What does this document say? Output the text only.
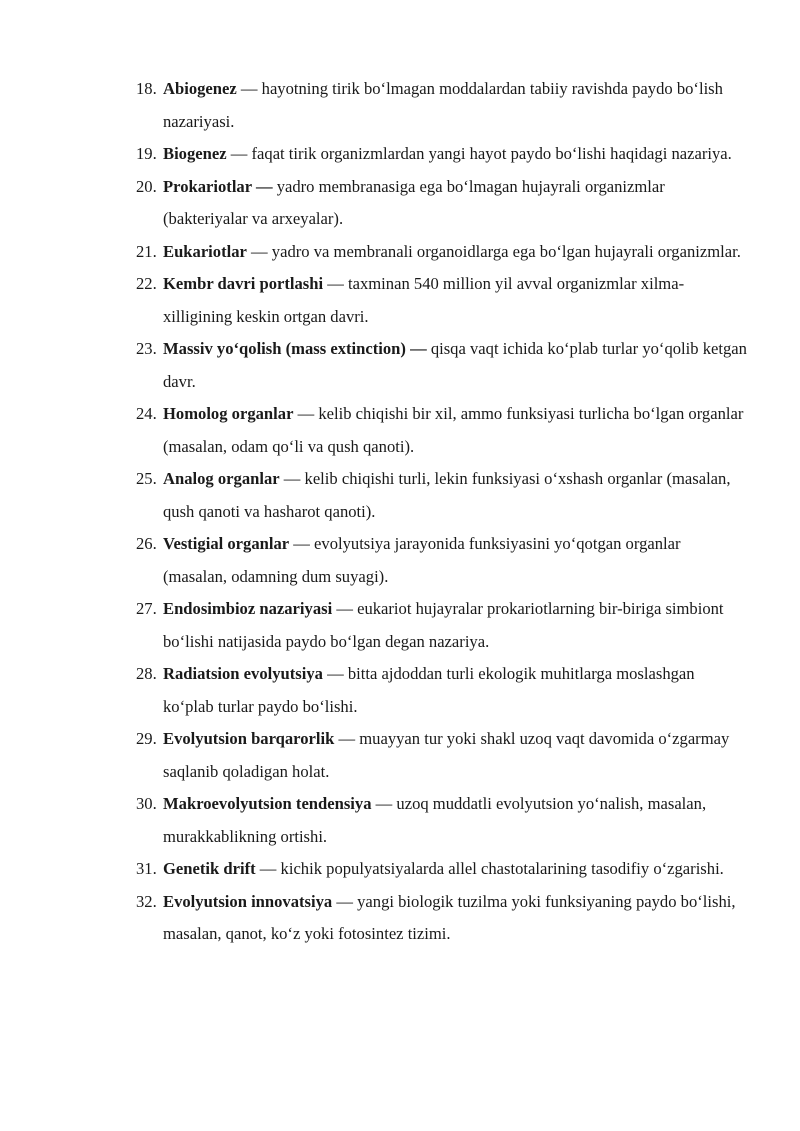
18. Abiogenez — hayotning tirik bo‘lmagan moddalardan tabiiy ravishda paydo bo‘lish nazariyasi.
19. Biogenez — faqat tirik organizmlardan yangi hayot paydo bo‘lishi haqidagi nazariya.
20. Prokariotlar — yadro membranasiga ega bo‘lmagan hujayrali organizmlar (bakteriyalar va arxeyalar).
21. Eukariotlar — yadro va membranali organoidlarga ega bo‘lgan hujayrali organizmlar.
22. Kembr davri portlashi — taxminan 540 million yil avval organizmlar xilma-xilligining keskin ortgan davri.
23. Massiv yo‘qolish (mass extinction) — qisqa vaqt ichida ko‘plab turlar yo‘qolib ketgan davr.
24. Homolog organlar — kelib chiqishi bir xil, ammo funksiyasi turlicha bo‘lgan organlar (masalan, odam qo‘li va qush qanoti).
25. Analog organlar — kelib chiqishi turli, lekin funksiyasi o‘xshash organlar (masalan, qush qanoti va hasharot qanoti).
26. Vestigial organlar — evolyutsiya jarayonida funksiyasini yo‘qotgan organlar (masalan, odamning dum suyagi).
27. Endosimbioz nazariyasi — eukariot hujayralar prokariotlarning bir-biriga simbiont bo‘lishi natijasida paydo bo‘lgan degan nazariya.
28. Radiatsion evolyutsiya — bitta ajdoddan turli ekologik muhitlarga moslashgan ko‘plab turlar paydo bo‘lishi.
29. Evolyutsion barqarorlik — muayyan tur yoki shakl uzoq vaqt davomida o‘zgarmay saqlanib qoladigan holat.
30. Makroevolyutsion tendensiya — uzoq muddatli evolyutsion yo‘nalish, masalan, murakkablikning ortishi.
31. Genetik drift — kichik populyatsiyalarda allel chastotalarining tasodifiy o‘zgarishi.
32. Evolyutsion innovatsiya — yangi biologik tuzilma yoki funksiyaning paydo bo‘lishi, masalan, qanot, ko‘z yoki fotosintez tizimi.
